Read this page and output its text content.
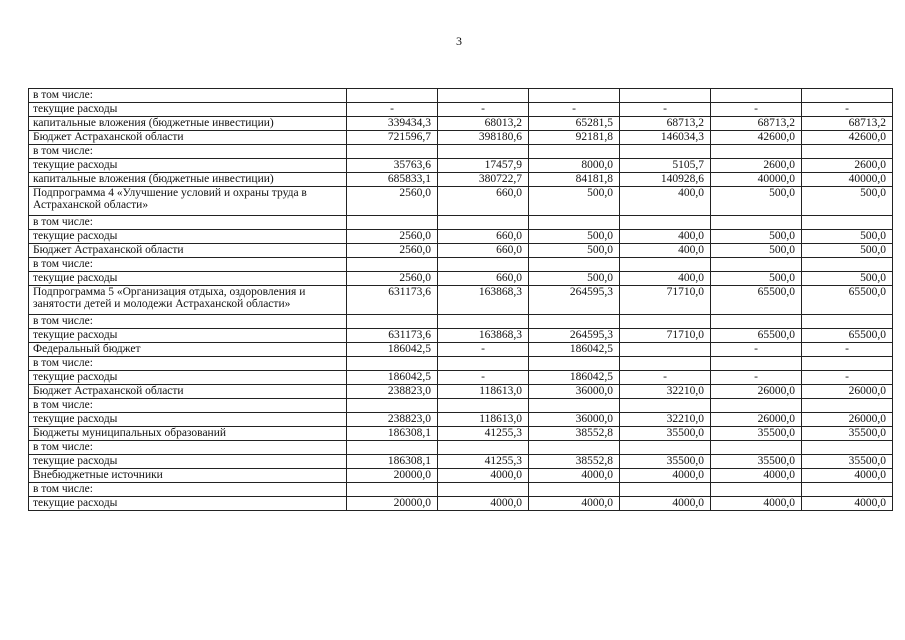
3
в том числе:						
текущие расходы	-	-	-	-	-	-
капитальные вложения (бюджетные инвестиции)	339434,3	68013,2	65281,5	68713,2	68713,2	68713,2
Бюджет Астраханской области	721596,7	398180,6	92181,8	146034,3	42600,0	42600,0
в том числе:						
текущие расходы	35763,6	17457,9	8000,0	5105,7	2600,0	2600,0
капитальные вложения (бюджетные инвестиции)	685833,1	380722,7	84181,8	140928,6	40000,0	40000,0
Подпрограмма 4 «Улучшение условий и охраны труда в Астраханской области»	2560,0	660,0	500,0	400,0	500,0	500,0
в том числе:						
текущие расходы	2560,0	660,0	500,0	400,0	500,0	500,0
Бюджет Астраханской области	2560,0	660,0	500,0	400,0	500,0	500,0
в том числе:						
текущие расходы	2560,0	660,0	500,0	400,0	500,0	500,0
Подпрограмма 5 «Организация отдыха, оздоровления и занятости детей и молодежи Астраханской области»	631173,6	163868,3	264595,3	71710,0	65500,0	65500,0
в том числе:						
текущие расходы	631173,6	163868,3	264595,3	71710,0	65500,0	65500,0
Федеральный бюджет	186042,5	-	186042,5		-	-
в том числе:						
текущие расходы	186042,5	-	186042,5	-	-	-
Бюджет Астраханской области	238823,0	118613,0	36000,0	32210,0	26000,0	26000,0
в том числе:						
текущие расходы	238823,0	118613,0	36000,0	32210,0	26000,0	26000,0
Бюджеты муниципальных образований	186308,1	41255,3	38552,8	35500,0	35500,0	35500,0
в том числе:						
текущие расходы	186308,1	41255,3	38552,8	35500,0	35500,0	35500,0
Внебюджетные источники	20000,0	4000,0	4000,0	4000,0	4000,0	4000,0
в том числе:						
текущие расходы	20000,0	4000,0	4000,0	4000,0	4000,0	4000,0
